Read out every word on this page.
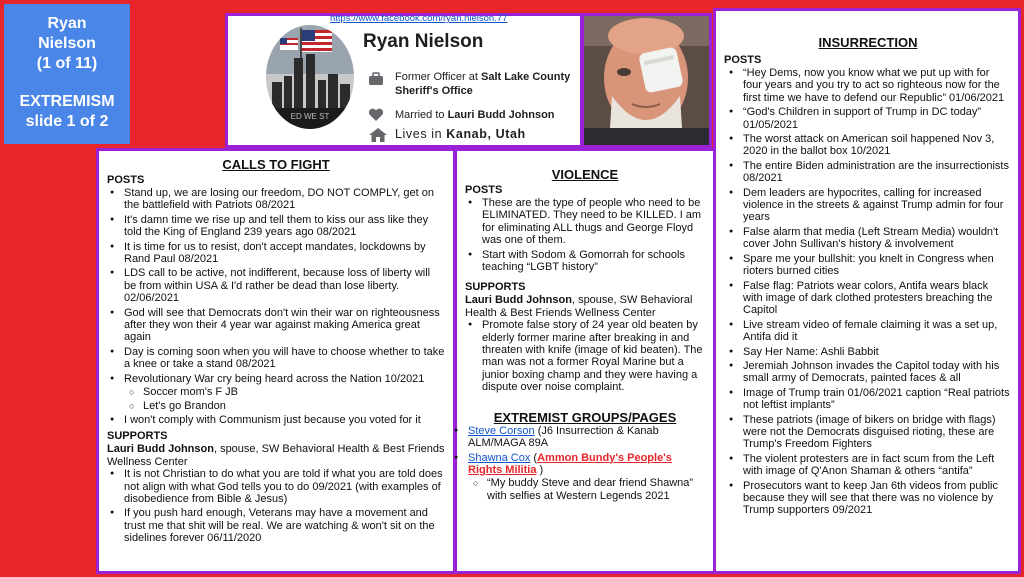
Ryan
Nielson
(1 of 11)
EXTREMISM
slide 1 of 2
https://www.facebook.com/ryan.nielson.77
ED WE ST
Ryan Nielson
Former Officer at Salt Lake County
Sheriff's Office
Married to Lauri Budd Johnson
Lives in Kanab, Utah
CALLS TO FIGHT
POSTS
● Stand up, we are losing our freedom, DO NOT COMPLY, get on the battlefield with Patriots 08/2021
● It's damn time we rise up and tell them to kiss our ass like they told the King of England 239 years ago 08/2021
● It is time for us to resist, don't accept mandates, lockdowns by Rand Paul 08/2021
● LDS call to be active, not indifferent, because loss of liberty will be from within USA & I'd rather be dead than lose liberty. 02/06/2021
● God will see that Democrats don't win their war on righteousness after they won their 4 year war against making America great again
● Day is coming soon when you will have to choose whether to take a knee or take a stand 08/2021
● Revolutionary War cry being heard across the Nation 10/2021
○ Soccer mom's F JB
○ Let's go Brandon
● I won't comply with Communism just because you voted for it
SUPPORTS
Lauri Budd Johnson, spouse, SW Behavioral Health & Best Friends Wellness Center
● It is not Christian to do what you are told if what you are told does not align with what God tells you to do 09/2021 (with examples of disobedience from Bible & Jesus)
● If you push hard enough, Veterans may have a movement and trust me that shit will be real. We are watching & won't sit on the sidelines forever 06/11/2020
VIOLENCE
POSTS
● These are the type of people who need to be ELIMINATED. They need to be KILLED. I am for eliminating ALL thugs and George Floyd was one of them.
● Start with Sodom & Gomorrah for schools teaching “LGBT history”
SUPPORTS
Lauri Budd Johnson, spouse, SW Behavioral Health & Best Friends Wellness Center
● Promote false story of 24 year old beaten by elderly former marine after breaking in and threaten with knife (image of kid beaten). The man was not a former Royal Marine but a junior boxing champ and they were having a dispute over noise complaint.
EXTREMIST GROUPS/PAGES
● Steve Corson (J6 Insurrection & Kanab ALM/MAGA 89A
● Shawna Cox (Ammon Bundy's People's Rights Militia )
○ “My buddy Steve and dear friend Shawna” with selfies at Western Legends 2021
INSURRECTION
POSTS
● “Hey Dems, now you know what we put up with for four years and you try to act so righteous now for the first time we have to defend our Republic” 01/06/2021
● “God's Children in support of Trump in DC today” 01/05/2021
● The worst attack on American soil happened Nov 3, 2020 in the ballot box 10/2021
● The entire Biden administration are the insurrectionists 08/2021
● Dem leaders are hypocrites, calling for increased violence in the streets & against Trump admin for four years
● False alarm that media (Left Stream Media) wouldn't cover John Sullivan's history & involvement
● Spare me your bullshit: you knelt in Congress when rioters burned cities
● False flag: Patriots wear colors, Antifa wears black with image of dark clothed protesters breaching the Capitol
● Live stream video of female claiming it was a set up, Antifa did it
● Say Her Name: Ashli Babbit
● Jeremiah Johnson invades the Capitol today with his small army of Democrats, painted faces & all
● Image of Trump train 01/06/2021 caption “Real patriots not leftist implants”
● These patriots (image of bikers on bridge with flags) were not the Democrats disguised rioting, these are Trump's Freedom Fighters
● The violent protesters are in fact scum from the Left with image of Q'Anon Shaman & others “antifa”
● Prosecutors want to keep Jan 6th videos from public because they will see that there was no violence by Trump supporters 09/2021
